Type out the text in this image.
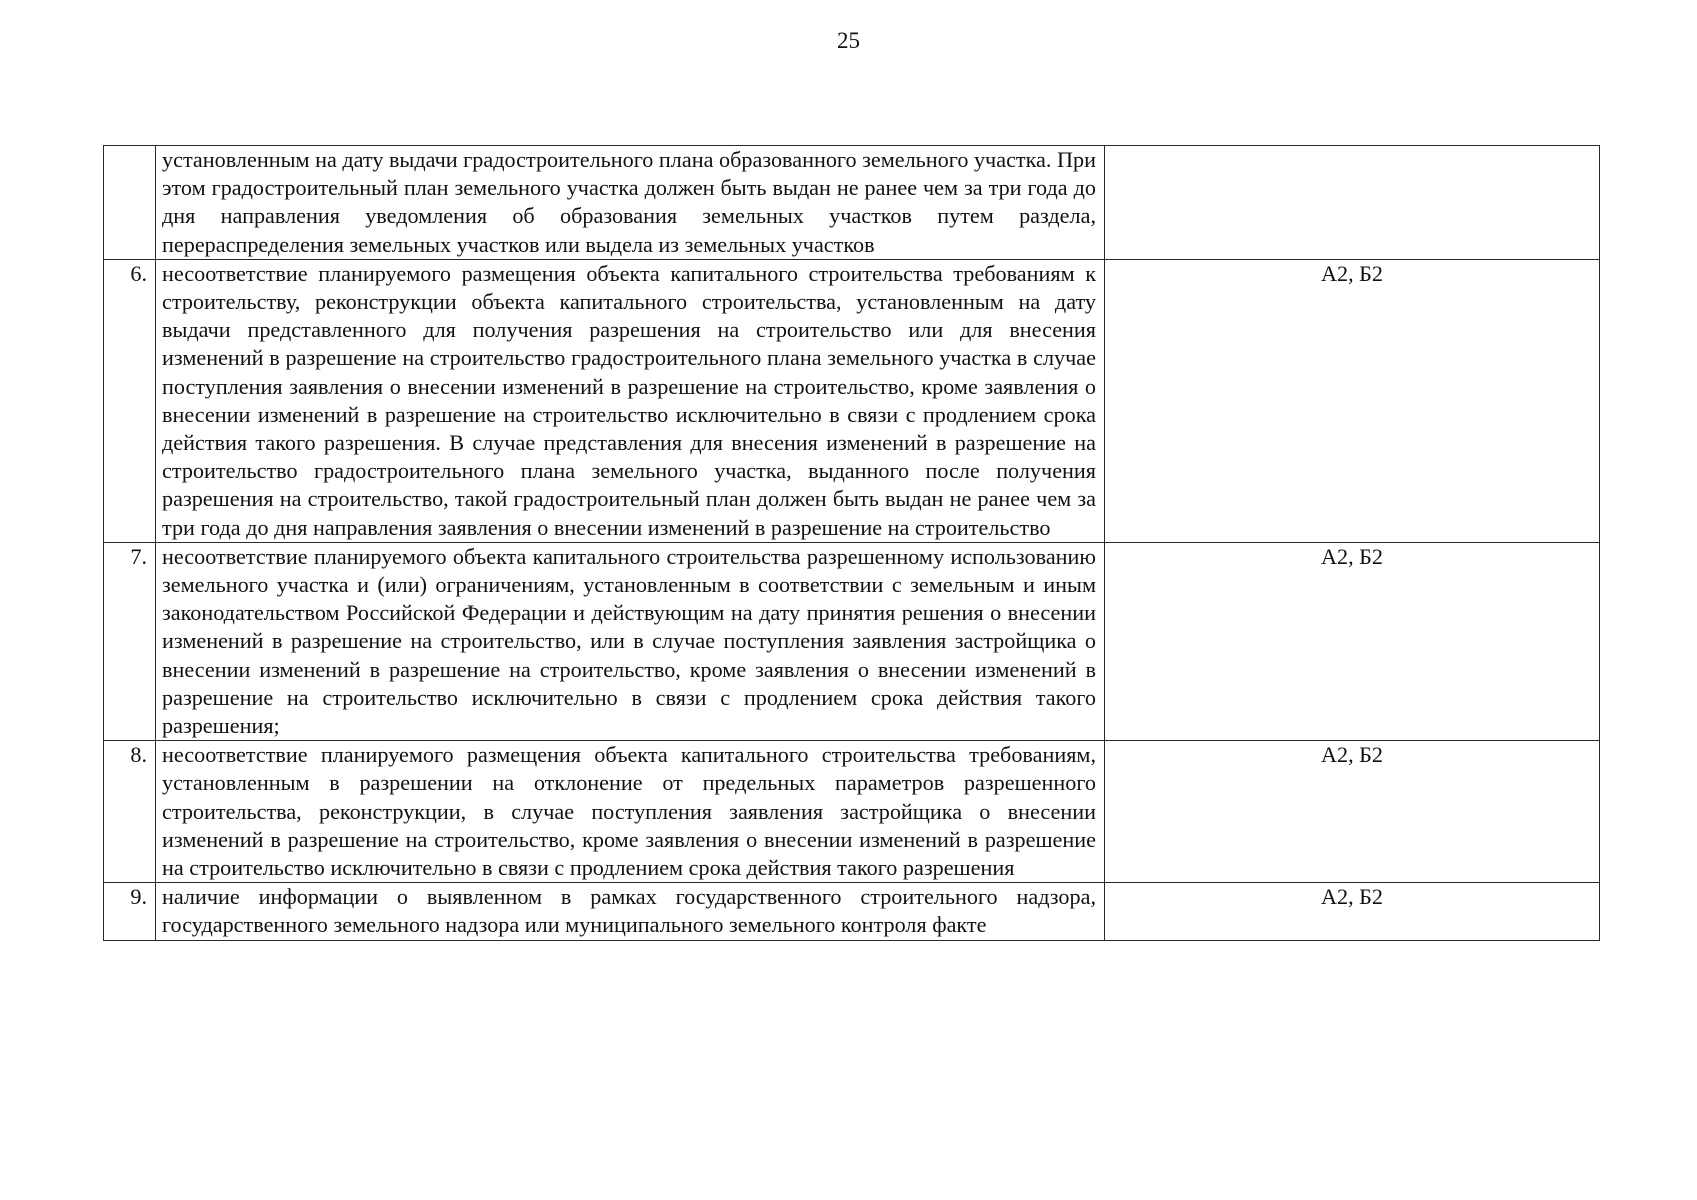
25
	установленным на дату выдачи градостроительного плана образованного земельного участка. При этом градостроительный план земельного участка должен быть выдан не ранее чем за три года до дня направления уведомления об образования земельных участков путем раздела, перераспределения земельных участков или выдела из земельных участков	
6.	несоответствие планируемого размещения объекта капитального строительства требованиям к строительству, реконструкции объекта капитального строительства, установленным на дату выдачи представленного для получения разрешения на строительство или для внесения изменений в разрешение на строительство градостроительного плана земельного участка в случае поступления заявления о внесении изменений в разрешение на строительство, кроме заявления о внесении изменений в разрешение на строительство исключительно в связи с продлением срока действия такого разрешения. В случае представления для внесения изменений в разрешение на строительство градостроительного плана земельного участка, выданного после получения разрешения на строительство, такой градостроительный план должен быть выдан не ранее чем за три года до дня направления заявления о внесении изменений в разрешение на строительство	А2, Б2
7.	несоответствие планируемого объекта капитального строительства разрешенному использованию земельного участка и (или) ограничениям, установленным в соответствии с земельным и иным законодательством Российской Федерации и действующим на дату принятия решения о внесении изменений в разрешение на строительство, или в случае поступления заявления застройщика о внесении изменений в разрешение на строительство, кроме заявления о внесении изменений в разрешение на строительство исключительно в связи с продлением срока действия такого разрешения;	А2, Б2
8.	несоответствие планируемого размещения объекта капитального строительства требованиям, установленным в разрешении на отклонение от предельных параметров разрешенного строительства, реконструкции, в случае поступления заявления застройщика о внесении изменений в разрешение на строительство, кроме заявления о внесении изменений в разрешение на строительство исключительно в связи с продлением срока действия такого разрешения	А2, Б2
9.	наличие информации о выявленном в рамках государственного строительного надзора, государственного земельного надзора или муниципального земельного контроля факте	А2, Б2
